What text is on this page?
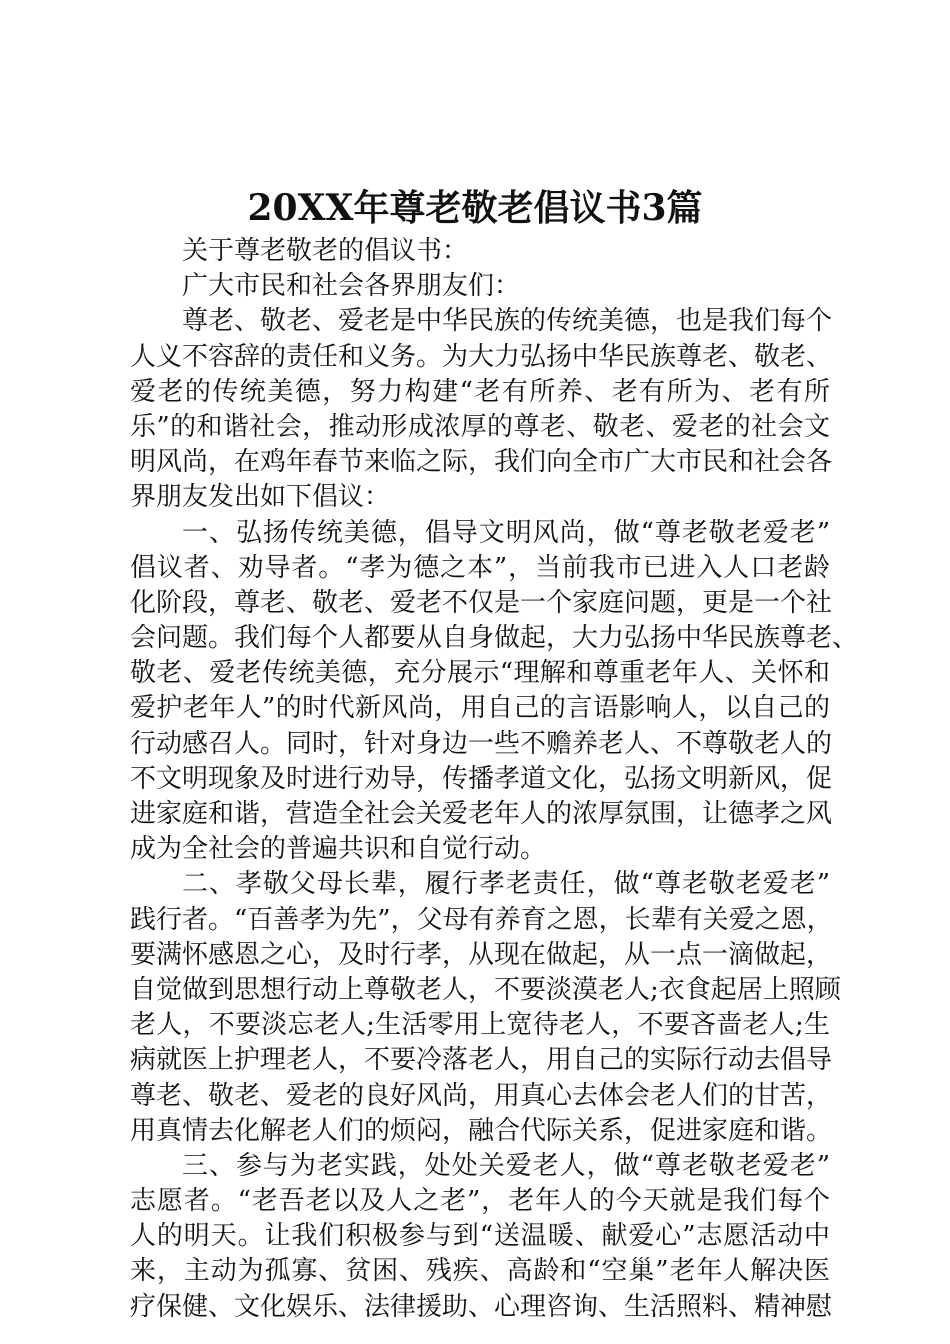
20XX年尊老敬老倡议书3篇
关于尊老敬老的倡议书：
广大市民和社会各界朋友们：
尊老、敬老、爱老是中华民族的传统美德，也是我们每个
人义不容辞的责任和义务。为大力弘扬中华民族尊老、敬老、
爱老的传统美德，努力构建“老有所养、老有所为、老有所
乐”的和谐社会，推动形成浓厚的尊老、敬老、爱老的社会文
明风尚，在鸡年春节来临之际，我们向全市广大市民和社会各
界朋友发出如下倡议：
一、弘扬传统美德，倡导文明风尚，做“尊老敬老爱老”
倡议者、劝导者。“孝为德之本”，当前我市已进入人口老龄
化阶段，尊老、敬老、爱老不仅是一个家庭问题，更是一个社
会问题。我们每个人都要从自身做起，大力弘扬中华民族尊老、
敬老、爱老传统美德，充分展示“理解和尊重老年人、关怀和
爱护老年人”的时代新风尚，用自己的言语影响人，以自己的
行动感召人。同时，针对身边一些不赡养老人、不尊敬老人的
不文明现象及时进行劝导，传播孝道文化，弘扬文明新风，促
进家庭和谐，营造全社会关爱老年人的浓厚氛围，让德孝之风
成为全社会的普遍共识和自觉行动。
二、孝敬父母长辈，履行孝老责任，做“尊老敬老爱老”
践行者。“百善孝为先”，父母有养育之恩，长辈有关爱之恩，
要满怀感恩之心，及时行孝，从现在做起，从一点一滴做起，
自觉做到思想行动上尊敬老人，不要淡漠老人;衣食起居上照顾
老人，不要淡忘老人;生活零用上宽待老人，不要吝啬老人;生
病就医上护理老人，不要冷落老人，用自己的实际行动去倡导
尊老、敬老、爱老的良好风尚，用真心去体会老人们的甘苦，
用真情去化解老人们的烦闷，融合代际关系，促进家庭和谐。
三、参与为老实践，处处关爱老人，做“尊老敬老爱老”
志愿者。“老吾老以及人之老”，老年人的今天就是我们每个
人的明天。让我们积极参与到“送温暖、献爱心”志愿活动中
来，主动为孤寡、贫困、残疾、高龄和“空巢”老年人解决医
疗保健、文化娱乐、法律援助、心理咨询、生活照料、精神慰
